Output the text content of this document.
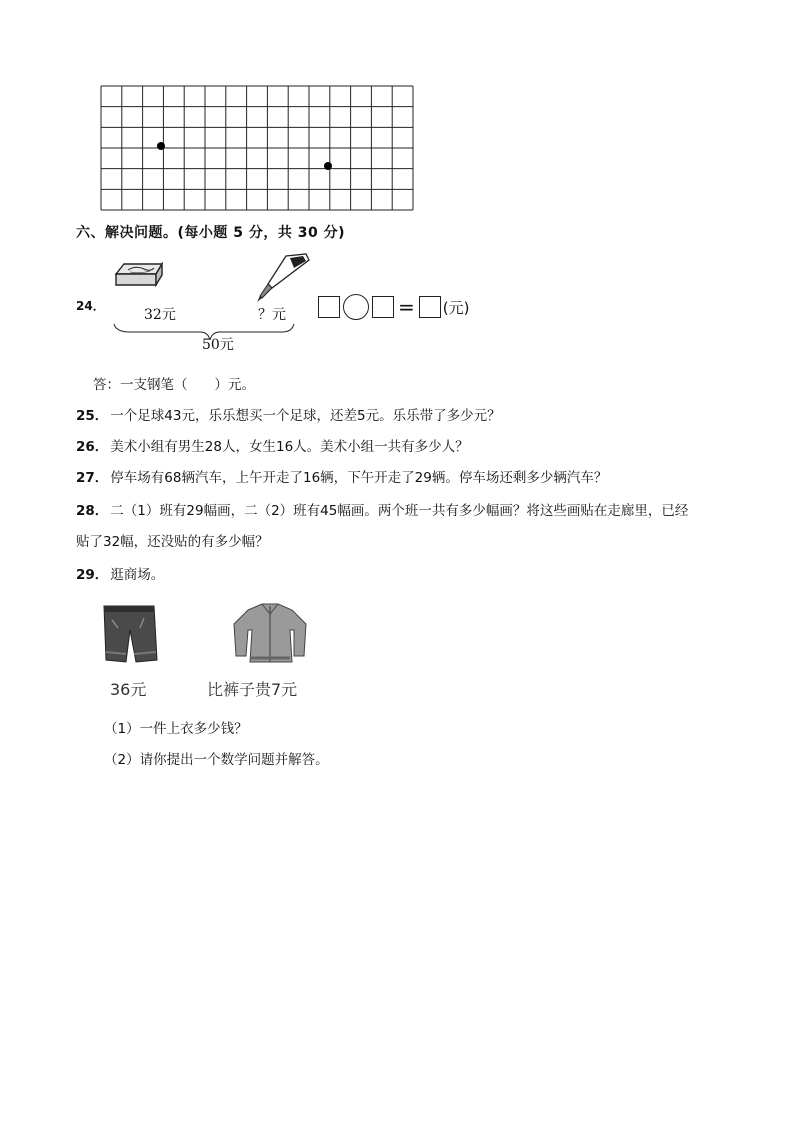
六、解决问题。(每小题 5 分，共 30 分)
24．
32元	？元
50元
= (元)
答：一支钢笔（　　）元。
25． 一个足球43元，乐乐想买一个足球，还差5元。乐乐带了多少元？
26． 美术小组有男生28人，女生16人。美术小组一共有多少人？
27． 停车场有68辆汽车，上午开走了16辆，下午开走了29辆。停车场还剩多少辆汽车？
28． 二（1）班有29幅画，二（2）班有45幅画。两个班一共有多少幅画？将这些画贴在走廊里，已经
贴了32幅，还没贴的有多少幅？
29． 逛商场。
36元	比裤子贵7元
（1）一件上衣多少钱？
（2）请你提出一个数学问题并解答。
